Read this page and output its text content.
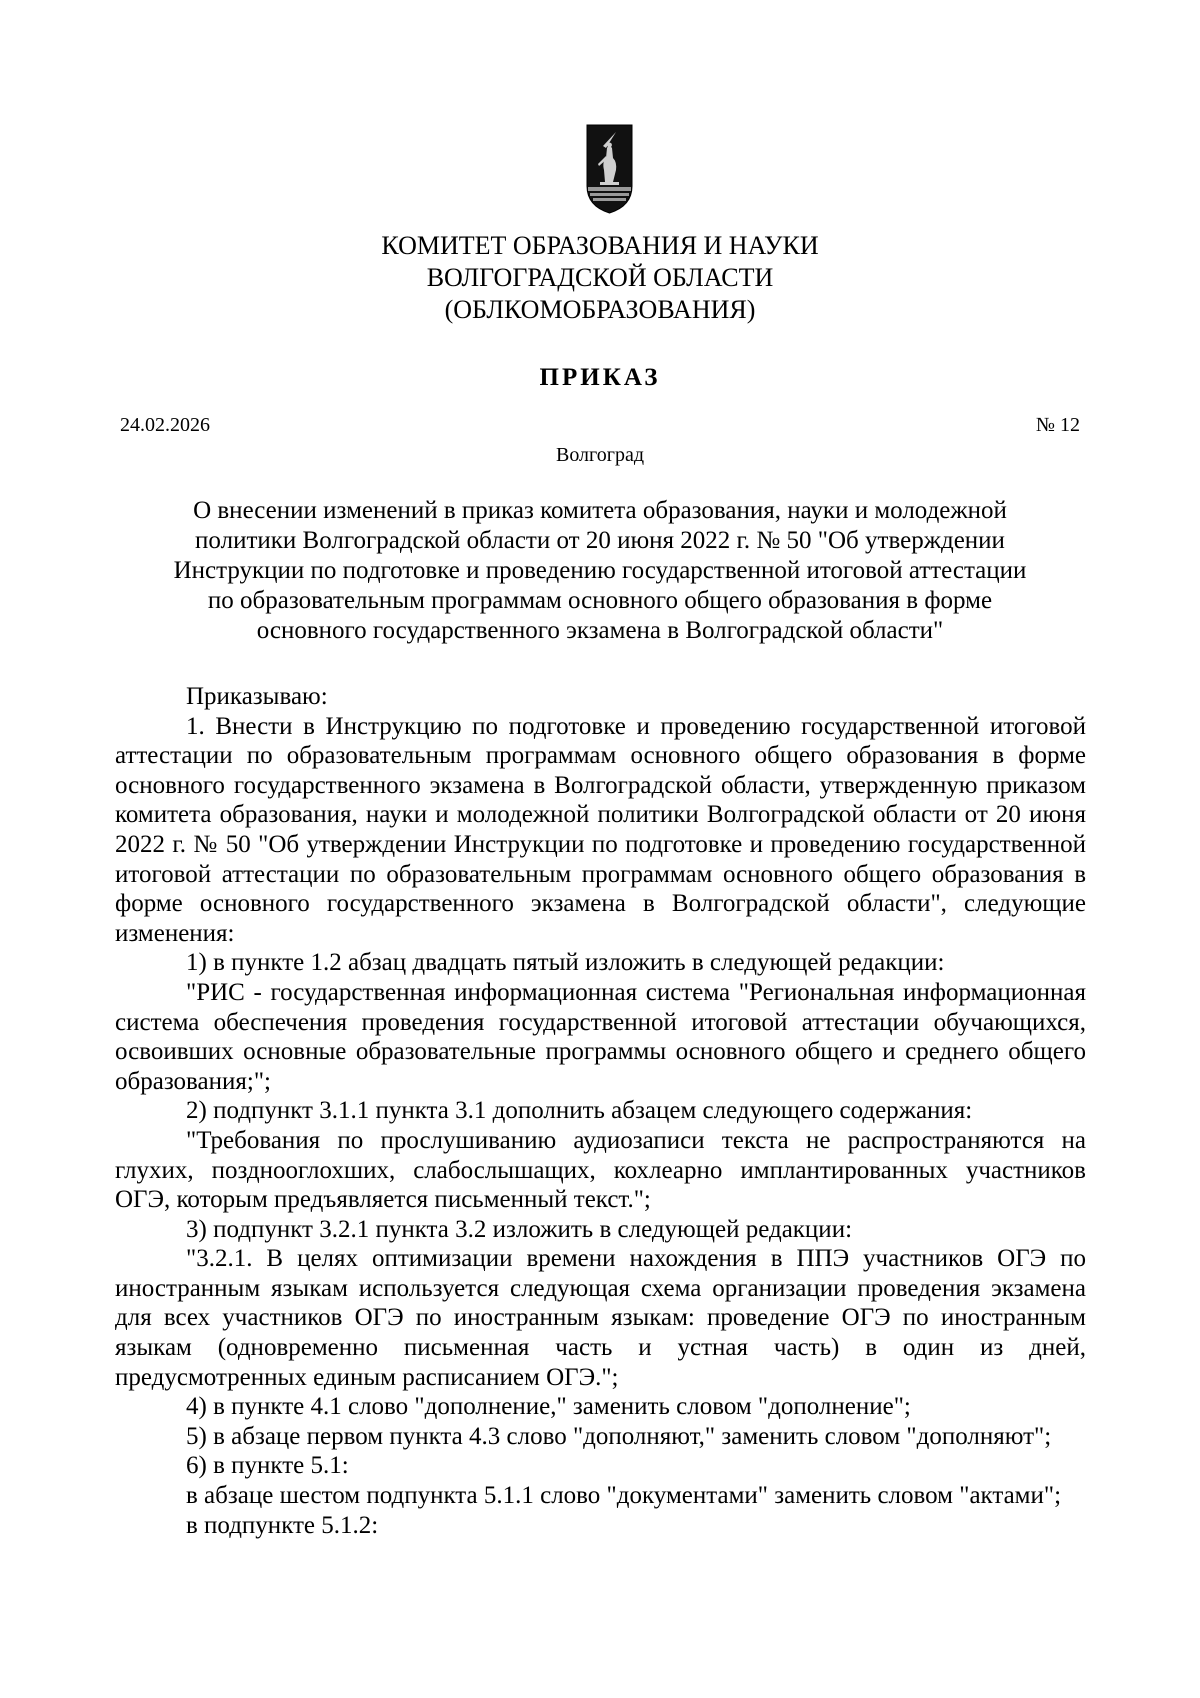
КОМИТЕТ ОБРАЗОВАНИЯ И НАУКИ
ВОЛГОГРАДСКОЙ ОБЛАСТИ
(ОБЛКОМОБРАЗОВАНИЯ)
ПРИКАЗ
24.02.2026	№ 12
Волгоград
О внесении изменений в приказ комитета образования, науки и молодежной
политики Волгоградской области от 20 июня 2022 г. № 50 "Об утверждении
Инструкции по подготовке и проведению государственной итоговой аттестации
по образовательным программам основного общего образования в форме
основного государственного экзамена в Волгоградской области"

Приказываю:

1. Внести в Инструкцию по подготовке и проведению государственной итоговой аттестации по образовательным программам основного общего образования в форме основного государственного экзамена в Волгоградской области, утвержденную приказом комитета образования, науки и молодежной политики Волгоградской области от 20 июня 2022 г. № 50 "Об утверждении Инструкции по подготовке и проведению государственной итоговой аттестации по образовательным программам основного общего образования в форме основного государственного экзамена в Волгоградской области", следующие изменения:

1) в пункте 1.2 абзац двадцать пятый изложить в следующей редакции:

"РИС - государственная информационная система "Региональная информационная система обеспечения проведения государственной итоговой аттестации обучающихся, освоивших основные образовательные программы основного общего и среднего общего образования;";

2) подпункт 3.1.1 пункта 3.1 дополнить абзацем следующего содержания:

"Требования по прослушиванию аудиозаписи текста не распространяются на глухих, позднооглохших, слабослышащих, кохлеарно имплантированных участников ОГЭ, которым предъявляется письменный текст.";

3) подпункт 3.2.1 пункта 3.2 изложить в следующей редакции:

"3.2.1. В целях оптимизации времени нахождения в ППЭ участников ОГЭ по иностранным языкам используется следующая схема организации проведения экзамена для всех участников ОГЭ по иностранным языкам: проведение ОГЭ по иностранным языкам (одновременно письменная часть и устная часть) в один из дней, предусмотренных единым расписанием ОГЭ.";

4) в пункте 4.1 слово "дополнение," заменить словом "дополнение";

5) в абзаце первом пункта 4.3 слово "дополняют," заменить словом "дополняют";

6) в пункте 5.1:

в абзаце шестом подпункта 5.1.1 слово "документами" заменить словом "актами";

в подпункте 5.1.2:
